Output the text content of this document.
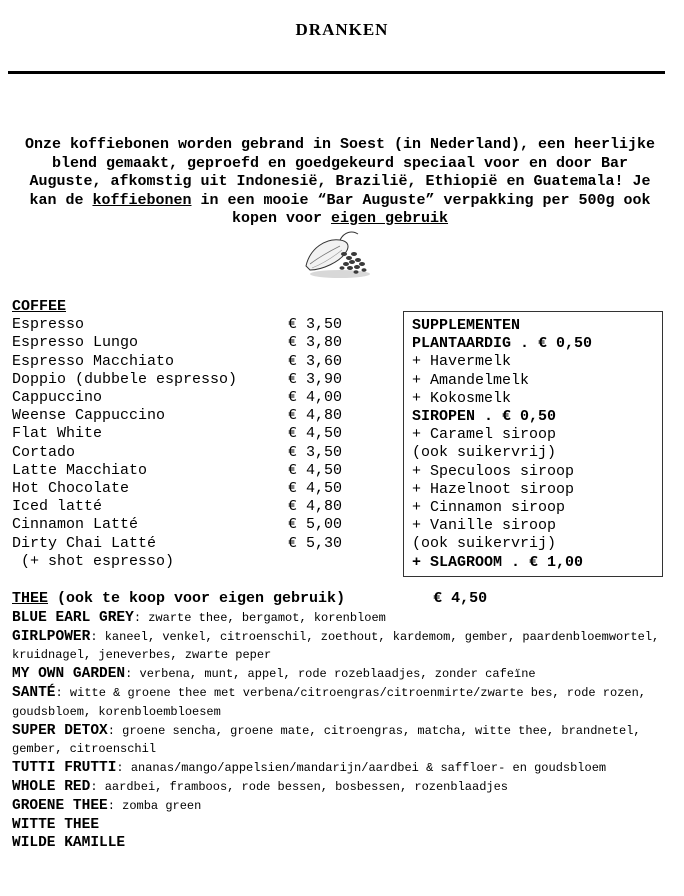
DRANKEN
Onze koffiebonen worden gebrand in Soest (in Nederland), een heerlijke blend gemaakt, geproefd en goedgekeurd speciaal voor en door Bar Auguste, afkomstig uit Indonesië, Brazilië, Ethiopië en Guatemala! Je kan de koffiebonen in een mooie “Bar Auguste” verpakking per 500g ook kopen voor eigen gebruik
COFFEE
Espresso	€ 3,50
Espresso Lungo	€ 3,80
Espresso Macchiato	€ 3,60
Doppio (dubbele espresso)	€ 3,90
Cappuccino	€ 4,00
Weense Cappuccino	€ 4,80
Flat White	€ 4,50
Cortado	€ 3,50
Latte Macchiato	€ 4,50
Hot Chocolate	€ 4,50
Iced latté	€ 4,80
Cinnamon Latté	€ 5,00
Dirty Chai Latté	€ 5,30
(+ shot espresso)
SUPPLEMENTEN
PLANTAARDIG . € 0,50
+ Havermelk
+ Amandelmelk
+ Kokosmelk
SIROPEN . € 0,50
+ Caramel siroop
(ook suikervrij)
+ Speculoos siroop
+ Hazelnoot siroop
+ Cinnamon siroop
+ Vanille siroop
(ook suikervrij)
+ SLAGROOM . € 1,00
THEE (ook te koop voor eigen gebruik)	€ 4,50
BLUE EARL GREY: zwarte thee, bergamot, korenbloem
GIRLPOWER: kaneel, venkel, citroenschil, zoethout, kardemom, gember, paardenbloemwortel, kruidnagel, jeneverbes, zwarte peper
MY OWN GARDEN: verbena, munt, appel, rode rozeblaadjes, zonder cafeïne
SANTÉ: witte & groene thee met verbena/citroengras/citroenmirte/zwarte bes, rode rozen, goudsbloem, korenbloembloesem
SUPER DETOX: groene sencha, groene mate, citroengras, matcha, witte thee, brandnetel, gember, citroenschil
TUTTI FRUTTI: ananas/mango/appelsien/mandarijn/aardbei & saffloer- en goudsbloem
WHOLE RED: aardbei, framboos, rode bessen, bosbessen, rozenblaadjes
GROENE THEE: zomba green
WITTE THEE
WILDE KAMILLE
